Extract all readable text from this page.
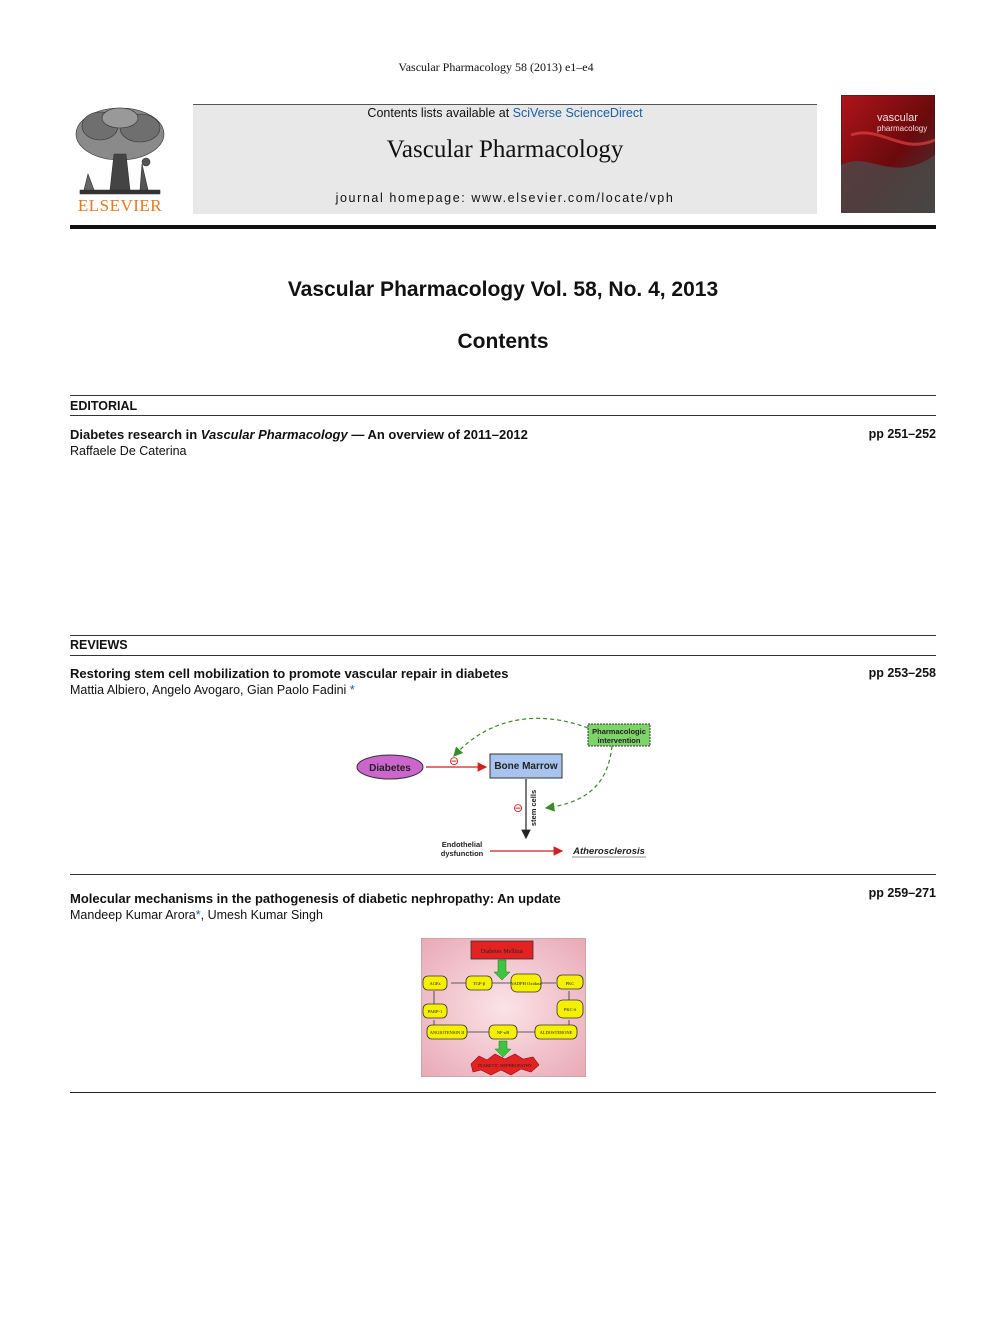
Vascular Pharmacology 58 (2013) e1–e4
ELSEVIER
Contents lists available at SciVerse ScienceDirect
Vascular Pharmacology
journal homepage: www.elsevier.com/locate/vph
vascular
pharmacology
Vascular Pharmacology Vol. 58, No. 4, 2013
Contents
EDITORIAL
Diabetes research in Vascular Pharmacology — An overview of 2011–2012
Raffaele De Caterina
pp 251–252
REVIEWS
Restoring stem cell mobilization to promote vascular repair in diabetes
Mattia Albiero, Angelo Avogaro, Gian Paolo Fadini *
pp 253–258
Diabetes
⊖	Bone Marrow
Pharmacologic
intervention
⊖ stem cells
Endothelial
dysfunction	Atherosclerosis
Molecular mechanisms in the pathogenesis of diabetic nephropathy: An update
Mandeep Kumar Arora*, Umesh Kumar Singh
pp 259–271
Diabetes Mellitus
AGEs	TGF-β	NADPH Oxidase	PKC
PARP-1	PKC-δ
NF-κB
ANGIOTENSIN II	ALDOSTERONE
DIABETIC NEPHROPATHY
